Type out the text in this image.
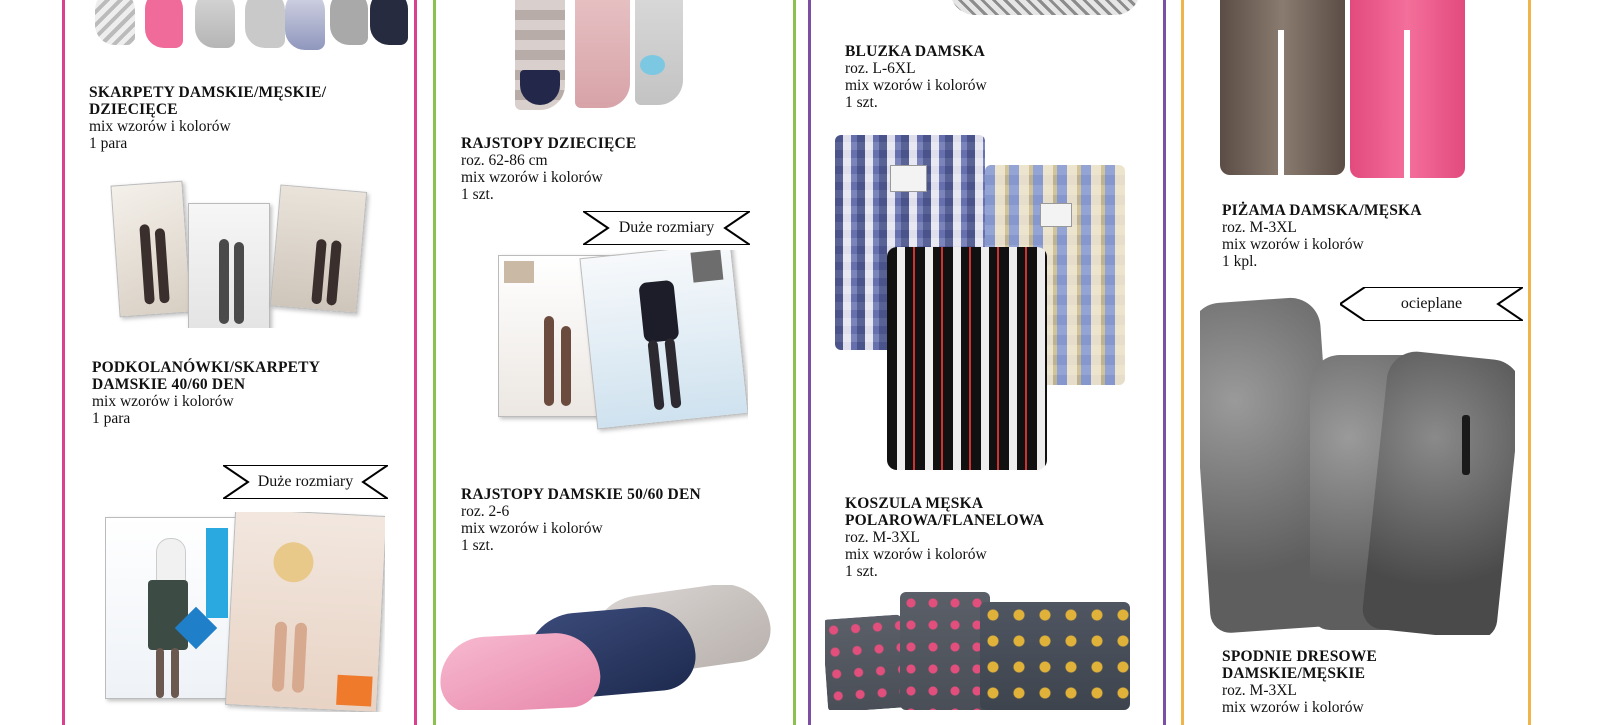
SKARPETY DAMSKIE/MĘSKIE/
DZIECIĘCE
mix wzorów i kolorów
1 para
PODKOLANÓWKI/SKARPETY
DAMSKIE 40/60 DEN
mix wzorów i kolorów
1 para
Duże rozmiary
RAJSTOPY DZIECIĘCE
roz. 62-86 cm
mix wzorów i kolorów
1 szt.
Duże rozmiary
RAJSTOPY DAMSKIE 50/60 DEN
roz. 2-6
mix wzorów i kolorów
1 szt.
BLUZKA DAMSKA
roz. L-6XL
mix wzorów i kolorów
1 szt.
KOSZULA MĘSKA
POLAROWA/FLANELOWA
roz. M-3XL
mix wzorów i kolorów
1 szt.
PIŻAMA DAMSKA/MĘSKA
roz. M-3XL
mix wzorów i kolorów
1 kpl.
ocieplane
SPODNIE DRESOWE
DAMSKIE/MĘSKIE
roz. M-3XL
mix wzorów i kolorów
